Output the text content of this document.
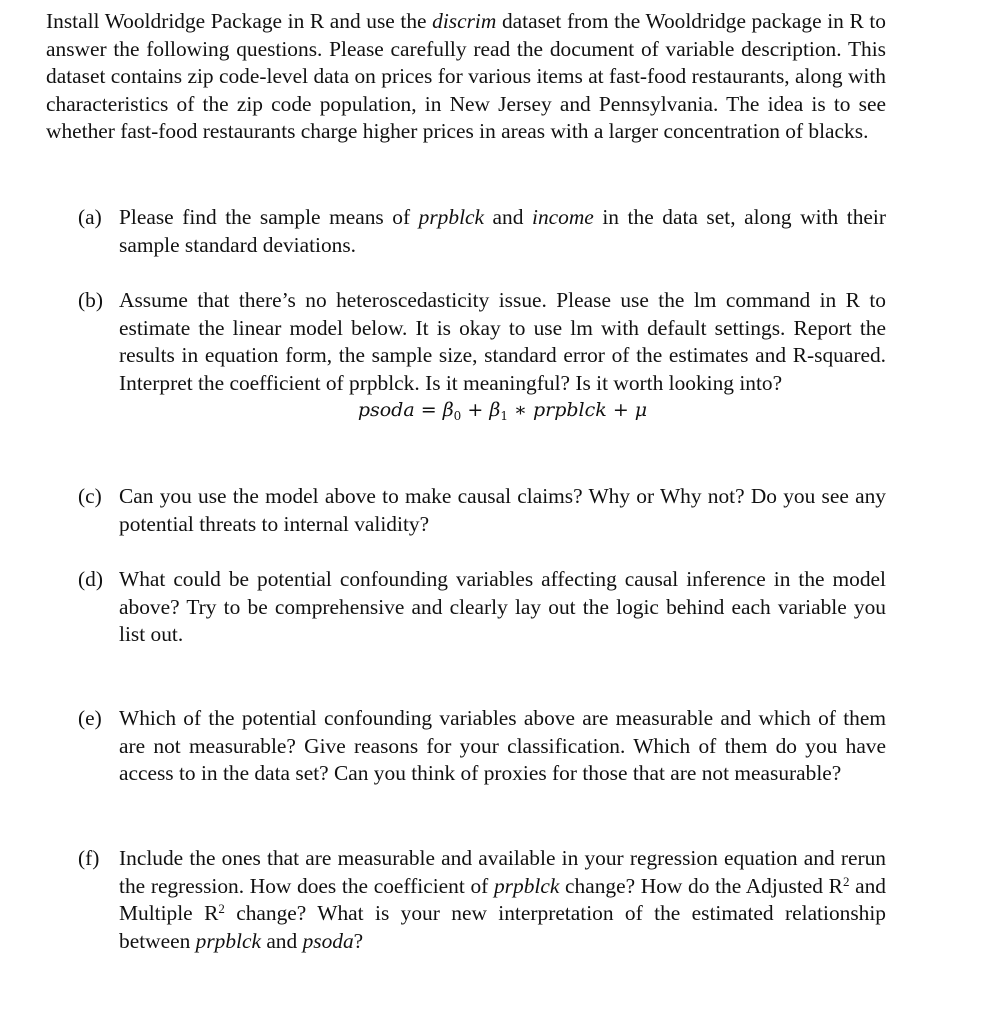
Install Wooldridge Package in R and use the discrim dataset from the Wooldridge package in R to answer the following questions. Please carefully read the document of variable description. This dataset contains zip code-level data on prices for various items at fast-food restaurants, along with characteristics of the zip code population, in New Jersey and Pennsylvania. The idea is to see whether fast-food restaurants charge higher prices in areas with a larger concentration of blacks.

(a) Please find the sample means of prpblck and income in the data set, along with their sample standard deviations.
(b) Assume that there’s no heteroscedasticity issue. Please use the lm command in R to estimate the linear model below. It is okay to use lm with default settings. Report the results in equation form, the sample size, standard error of the estimates and R-squared. Interpret the coefficient of prpblck. Is it meaningful? Is it worth looking into?
psoda = $\beta_0 + \beta_1$ ∗ prpblck + μ
(c) Can you use the model above to make causal claims? Why or Why not? Do you see any potential threats to internal validity?
(d) What could be potential confounding variables affecting causal inference in the model above? Try to be comprehensive and clearly lay out the logic behind each variable you list out.
(e) Which of the potential confounding variables above are measurable and which of them are not measurable? Give reasons for your classification. Which of them do you have access to in the data set? Can you think of proxies for those that are not measurable?
(f) Include the ones that are measurable and available in your regression equation and rerun the regression. How does the coefficient of prpblck change? How do the Adjusted $R^2$ and Multiple $R^2$ change? What is your new interpretation of the estimated relationship between prpblck and psoda?
